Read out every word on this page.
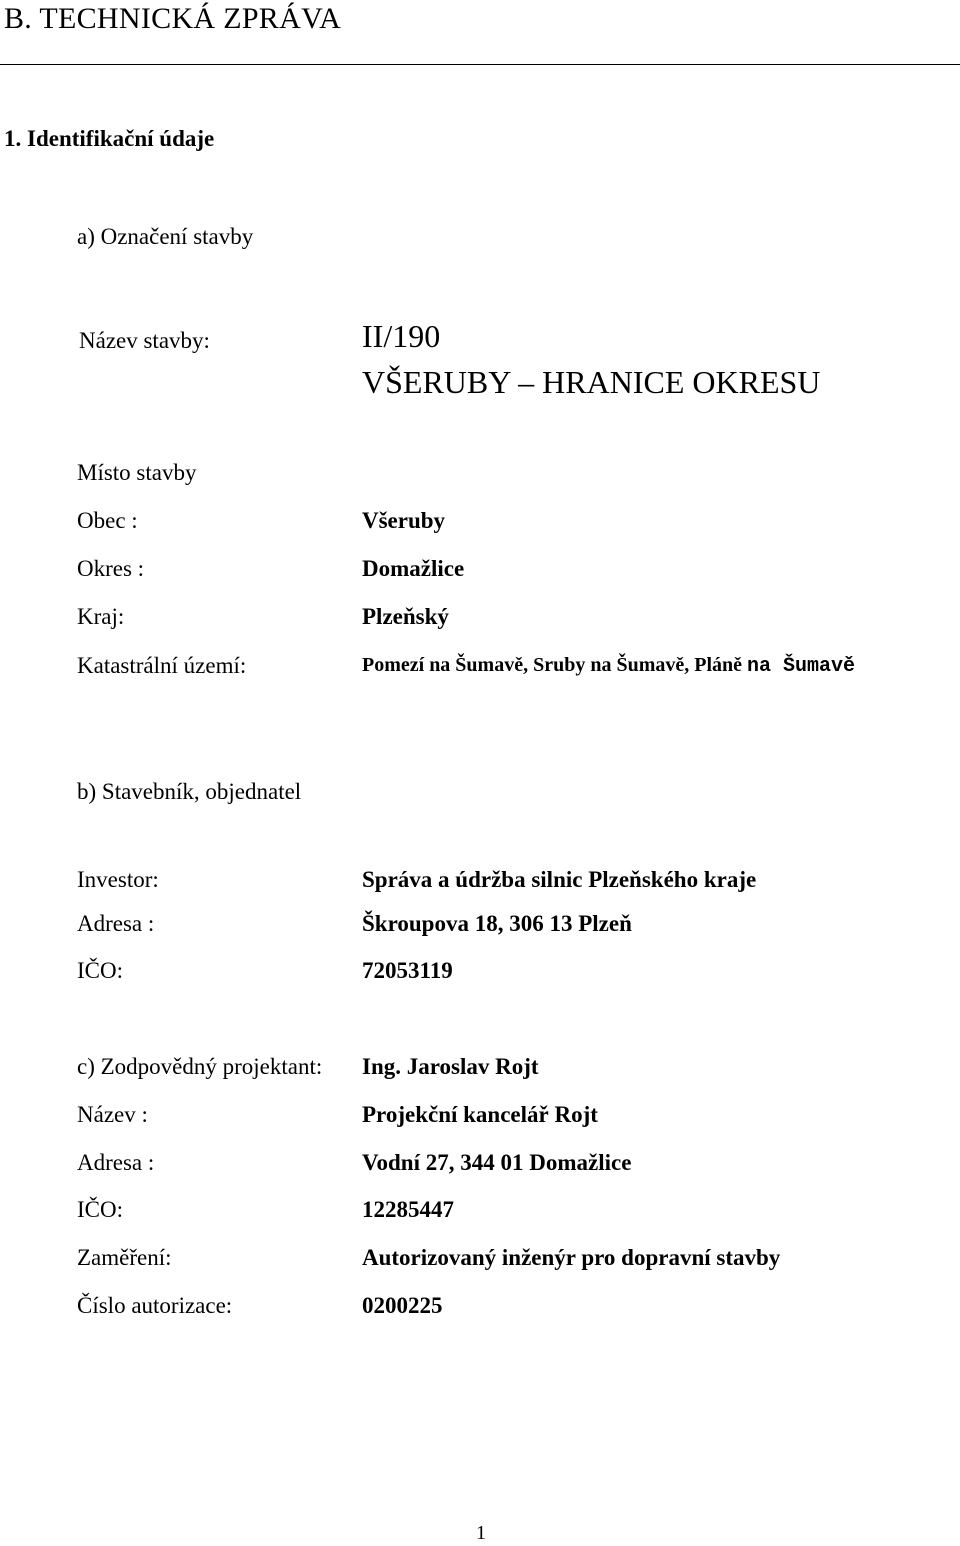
B. TECHNICKÁ ZPRÁVA
1. Identifikační údaje
a) Označení stavby
Název stavby:	II/190
VŠERUBY – HRANICE OKRESU
Místo stavby
Obec :	Všeruby
Okres :	Domažlice
Kraj:	Plzeňský
Katastrální území:	Pomezí na Šumavě, Sruby na Šumavě, Pláně na Šumavě
b) Stavebník, objednatel
Investor:	Správa a údržba silnic Plzeňského kraje
Adresa :	Škroupova 18, 306 13 Plzeň
IČO:	72053119
c) Zodpovědný projektant: Ing. Jaroslav Rojt
Název :	Projekční kancelář Rojt
Adresa :	Vodní 27, 344 01 Domažlice
IČO:	12285447
Zaměření:	Autorizovaný inženýr pro dopravní stavby
Číslo autorizace:	0200225
1
